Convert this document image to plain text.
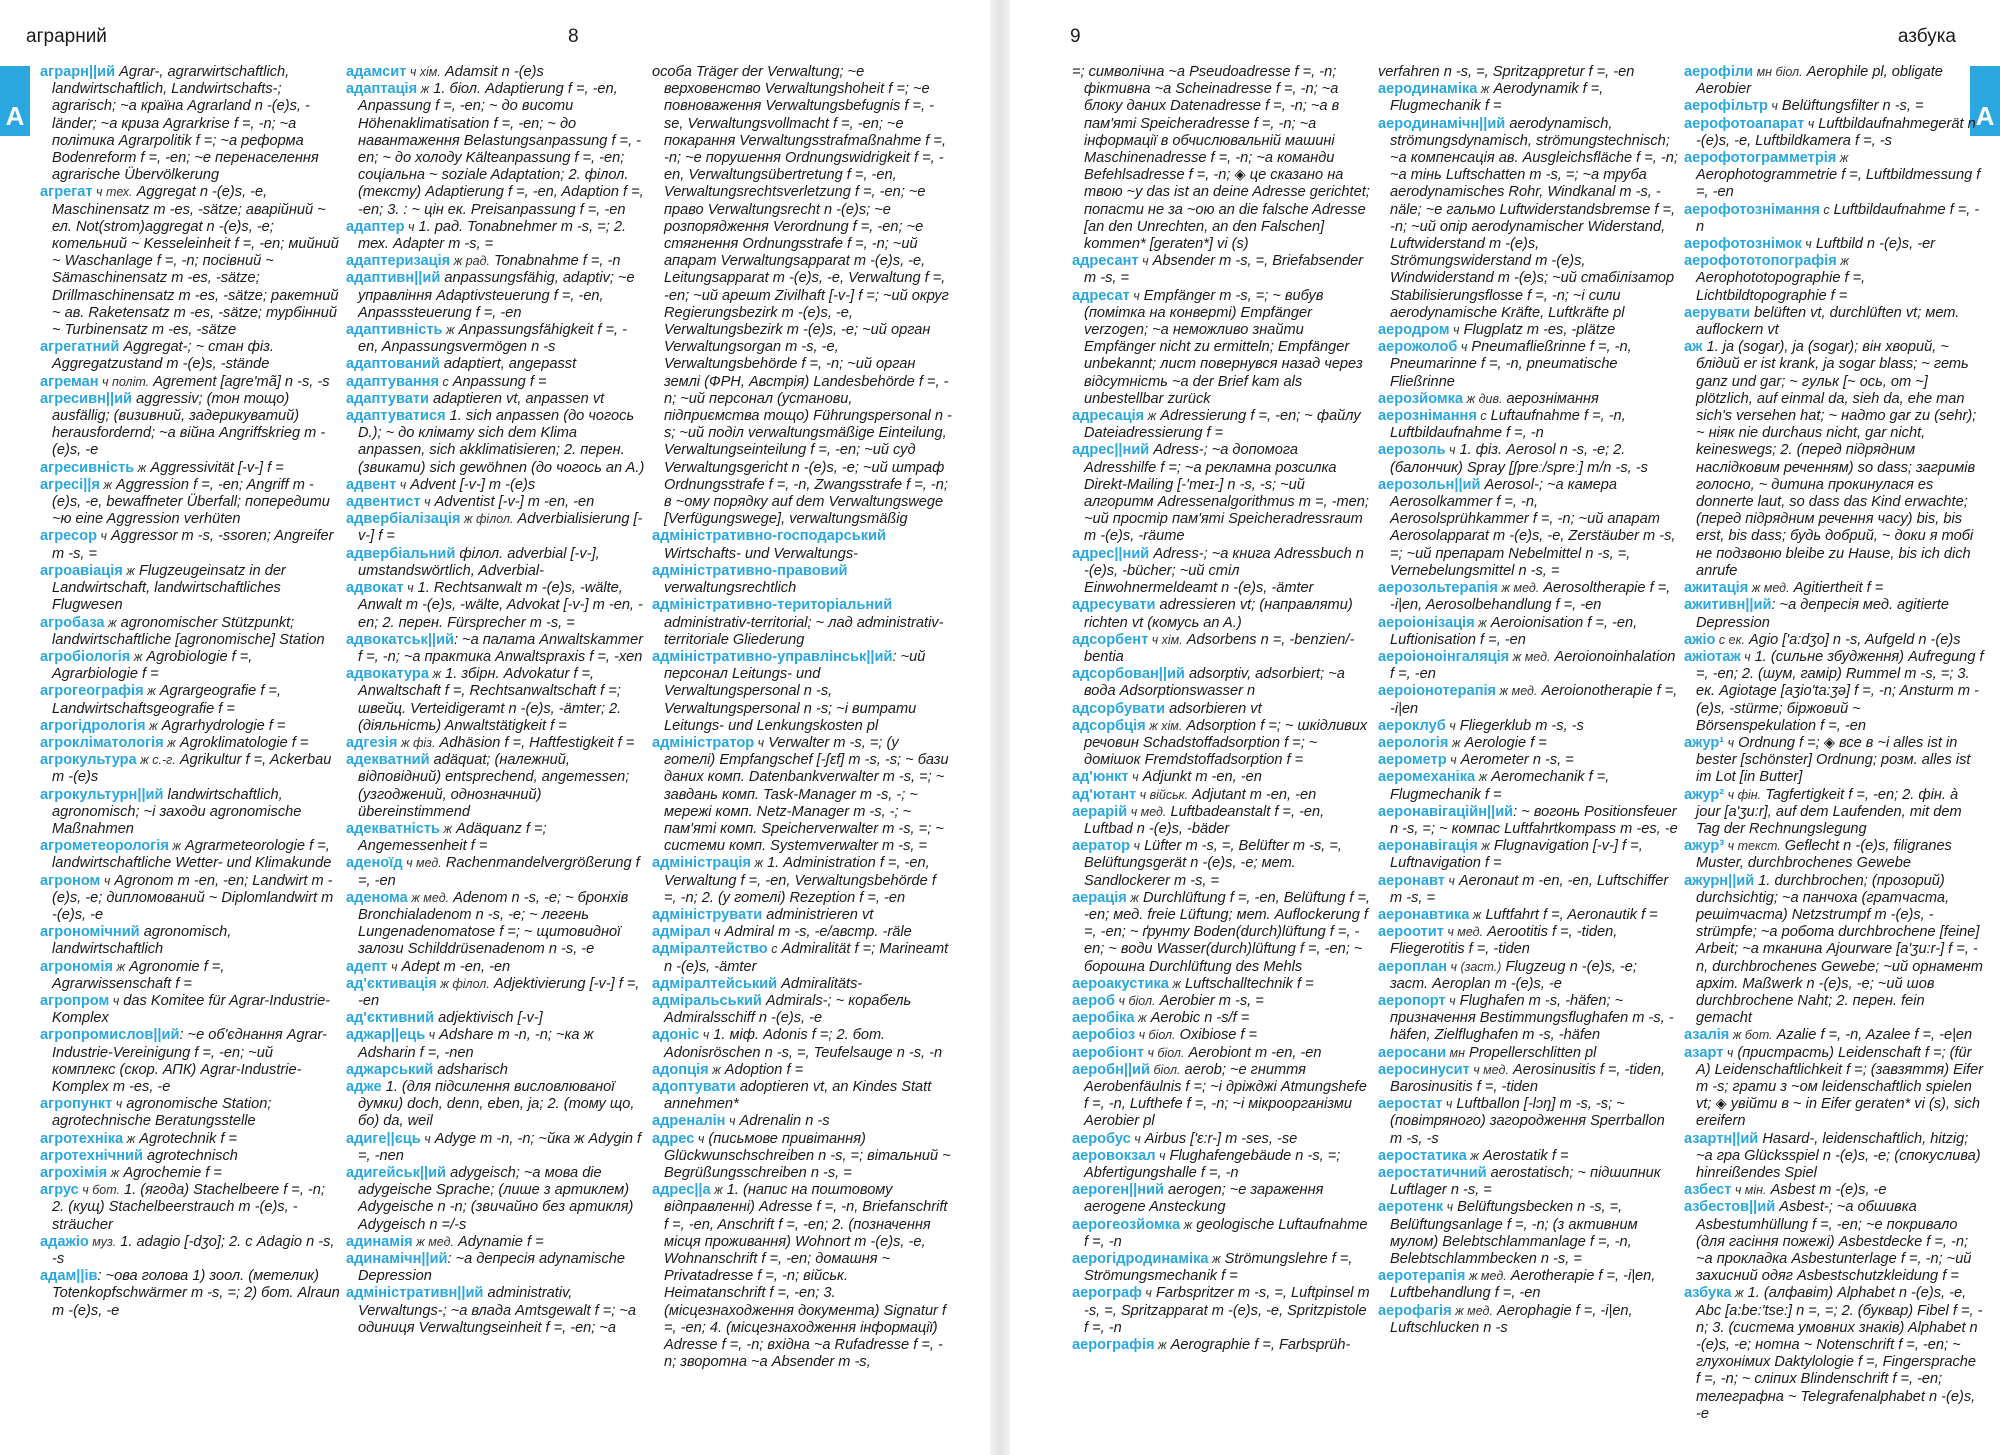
аграрний	8
A

аграрн||ий Agrar-, agrarwirtschaftlich, landwirtschaftlich, Landwirtschafts-; agrarisch; ~а країна Agrarland n -(e)s, -länder; ~а криза Agrarkrise f =, -n; ~а політика Agrarpolitik f =; ~а реформа Bodenreform f =, -en; ~е перенаселення agrarische Übervölkerung

агрегат ч тех. Aggregat n -(e)s, -e, Maschinensatz m -es, -sätze; аварійний ~ ел. Not(strom)aggregat n -(e)s, -e; котельний ~ Kesseleinheit f =, -en; мийний ~ Waschanlage f =, -n; посівний ~ Sämaschinensatz m -es, -sätze; Drillmaschinensatz m -es, -sätze; ракетний ~ ав. Raketensatz m -es, -sätze; турбінний ~ Turbinensatz m -es, -sätze

агрегатний Aggregat-; ~ стан фіз. Aggregatzustand m -(e)s, -stände

агреман ч політ. Agrement [agre'mã] n -s, -s

агресивн||ий aggressiv; (тон тощо) ausfällig; (визивний, задерикуватий) herausfordernd; ~а війна Angriffskrieg m -(e)s, -e

агресивність ж Aggressivität [-v-] f =

агресі||я ж Aggression f =, -en; Angriff m -(e)s, -e, bewaffneter Überfall; попередити ~ю eine Aggression verhüten

агресор ч Aggressor m -s, -ssoren; Angreifer m -s, =

агроавіація ж Flugzeugeinsatz in der Landwirtschaft, landwirtschaftliches Flugwesen

агробаза ж agronomischer Stützpunkt; landwirtschaftliche [agronomische] Station

агробіологія ж Agrobiologie f =, Agrarbiologie f =

агрогеографія ж Agrargeografie f =, Landwirtschaftsgeografie f =

агрогідрологія ж Agrarhydrologie f =

агрокліматологія ж Agroklimatologie f =

агрокультура ж с.-г. Agrikultur f =, Ackerbau m -(e)s

агрокультурн||ий landwirtschaftlich, agronomisch; ~і заходи agronomische Maßnahmen

агрометеорологія ж Agrarmeteorologie f =, landwirtschaftliche Wetter- und Klimakunde

агроном ч Agronom m -en, -en; Landwirt m -(e)s, -e; дипломований ~ Diplomlandwirt m -(e)s, -e

агрономічний agronomisch, landwirtschaftlich

агрономія ж Agronomie f =, Agrarwissenschaft f =

агропром ч das Komitee für Agrar-Industrie-Komplex

агропромислов||ий: ~е об'єднання Agrar-Industrie-Vereinigung f =, -en; ~ий комплекс (скор. АПК) Agrar-Industrie-Komplex т -es, -e

агропункт ч agronomische Station; agrotechnische Beratungsstelle

агротехніка ж Agrotechnik f =

агротехнічний agrotechnisch

агрохімія ж Agrochemie f =

агрус ч бот. 1. (ягода) Stachelbeere f =, -n; 2. (кущ) Stachelbeerstrauch m -(e)s, -sträucher

адажіо муз. 1. adagio [-dʒo]; 2. с Adagio n -s, -s

адам||ів: ~ова голова 1) зоол. (метелик) Totenkopfschwärmer m -s, =; 2) бот. Alraun m -(e)s, -e

адамсит ч хім. Adamsit n -(e)s

адаптація ж 1. біол. Adaptierung f =, -en, Anpassung f =, -en; ~ до висоти Höhenaklimatisation f =, -en; ~ до навантаження Belastungsanpassung f =, -en; ~ до холоду Kälteanpassung f =, -en; соціальна ~ soziale Adaptation; 2. філол. (тексту) Adaptierung f =, -en, Adaption f =, -en; 3. : ~ цін ек. Preisanpassung f =, -en

адаптер ч 1. рад. Tonabnehmer m -s, =; 2. тех. Adapter m -s, =

адаптеризація ж рад. Tonabnahme f =, -n

адаптивн||ий anpassungsfähig, adaptiv; ~е управління Adaptivsteuerung f =, -en, Anpasssteuerung f =, -en

адаптивність ж Anpassungsfähigkeit f =, -en, Anpassungsvermögen n -s

адаптований adaptiert, angepasst

адаптування с Anpassung f =

адаптувати adaptieren vt, anpassen vt

адаптуватися 1. sich anpassen (до чогось D.); ~ до клімату sich dem Klima anpassen, sich akklimatisieren; 2. перен. (звикати) sich gewöhnen (до чогось an A.)

адвент ч Advent [-v-] m -(e)s

адвентист ч Adventist [-v-] m -en, -en

адвербіалізація ж філол. Adverbialisierung [-v-] f =

адвербіальний філол. adverbial [-v-], umstandswörtlich, Adverbial-

адвокат ч 1. Rechtsanwalt m -(e)s, -wälte, Anwalt m -(e)s, -wälte, Advokat [-v-] m -en, -en; 2. перен. Fürsprecher m -s, =

адвокатськ||ий: ~а палата Anwaltskammer f =, -n; ~а практика Anwaltspraxis f =, -xen

адвокатура ж 1. збірн. Advokatur f =, Anwaltschaft f =, Rechtsanwaltschaft f =; швейц. Verteidigeramt n -(e)s, -ämter; 2. (діяльність) Anwaltstätigkeit f =

адгезія ж фіз. Adhäsion f =, Haftfestigkeit f =

адекватний adäquat; (належний, відповідний) entsprechend, angemessen; (узгоджений, однозначний) übereinstimmend

адекватність ж Adäquanz f =; Angemessenheit f =

аденоїд ч мед. Rachenmandelvergrößerung f =, -en

аденома ж мед. Adenom n -s, -e; ~ бронхів Bronchialadenom n -s, -e; ~ легень Lungenadenomatose f =; ~ щитовидної залози Schilddrüsenadenom n -s, -e

адепт ч Adept m -en, -en

ад'єктивація ж філол. Adjektivierung [-v-] f =, -en

ад'єктивний adjektivisch [-v-]

аджар||ець ч Adshare m -n, -n; ~ка ж Adsharin f =, -nen

аджарський adsharisch

адже 1. (для підсилення висловлюваної думки) doch, denn, eben, ja; 2. (тому що, бо) da, weil

адиге||єць ч Adyge m -n, -n; ~йка ж Adygin f =, -nen

адигейськ||ий adygeisch; ~а мова die adygeische Sprache; (лише з артиклем) Adygeische n -n; (звичайно без артикля) Adygeisch n =/-s

адинамія ж мед. Adynamie f =

адинамічн||ий: ~а депресія adynamische Depression

адміністративн||ий administrativ, Verwaltungs-; ~а влада Amtsgewalt f =; ~а одиниця Verwaltungseinheit f =, -en; ~а

особа Träger der Verwaltung; ~е верховенство Verwaltungshoheit f =; ~е повноваження Verwaltungsbefugnis f =, -se, Verwaltungsvollmacht f =, -en; ~е покарання Verwaltungsstrafmaßnahme f =, -n; ~е порушення Ordnungswidrigkeit f =, -en, Verwaltungsübertretung f =, -en, Verwaltungsrechtsverletzung f =, -en; ~е право Verwaltungsrecht n -(e)s; ~е розпорядження Verordnung f =, -en; ~е стягнення Ordnungsstrafe f =, -n; ~ий апарат Verwaltungsapparat m -(e)s, -e, Leitungsapparat m -(e)s, -e, Verwaltung f =, -en; ~ий арешт Zivilhaft [-v-] f =; ~ий округ Regierungsbezirk m -(e)s, -e, Verwaltungsbezirk m -(e)s, -e; ~ий орган Verwaltungsorgan m -s, -e, Verwaltungsbehörde f =, -n; ~ий орган землі (ФРН, Австрія) Landesbehörde f =, -n; ~ий персонал (установи, підприємства тощо) Führungspersonal n -s; ~ий поділ verwaltungsmäßige Einteilung, Verwaltungseinteilung f =, -en; ~ий суд Verwaltungsgericht n -(e)s, -e; ~ий штраф Ordnungsstrafe f =, -n, Zwangsstrafe f =, -n; в ~ому порядку auf dem Verwaltungswege [Verfügungswege], verwaltungsmäßig

адміністративно-господарський Wirtschafts- und Verwaltungs-

адміністративно-правовий verwaltungsrechtlich

адміністративно-територіальний administrativ-territorial; ~ лад administrativ-territoriale Gliederung

адміністративно-управлінськ||ий: ~ий персонал Leitungs- und Verwaltungspersonal n -s, Verwaltungspersonal n -s; ~і витрати Leitungs- und Lenkungskosten pl

адміністратор ч Verwalter m -s, =; (у готелі) Empfangschef [-ʃɛf] m -s, -s; ~ бази даних комп. Datenbankverwalter m -s, =; ~ завдань комп. Task-Manager m -s, -; ~ мережі комп. Netz-Manager m -s, -; ~ пам'яті комп. Speicherverwalter m -s, =; ~ системи комп. Systemverwalter m -s, =

адміністрація ж 1. Administration f =, -en, Verwaltung f =, -en, Verwaltungsbehörde f =, -n; 2. (у готелі) Rezeption f =, -en

адмініструвати administrieren vt

адмірал ч Admiral m -s, -e/австр. -räle

адміралтейство с Admiralität f =; Marineamt n -(e)s, -ämter

адміралтейський Admiralitäts-

адміральський Admirals-; ~ корабель Admiralsschiff n -(e)s, -e

адоніс ч 1. міф. Adonis f =; 2. бот. Adonisröschen n -s, =, Teufelsauge n -s, -n

адопція ж Adoption f =

адоптувати adoptieren vt, an Kindes Statt annehmen*

адреналін ч Adrenalin n -s

адрес ч (письмове привітання) Glückwunschschreiben n -s, =; вітальний ~ Begrüßungsschreiben n -s, =

адрес||а ж 1. (напис на поштовому відправленні) Adresse f =, -n, Briefanschrift f =, -en, Anschrift f =, -en; 2. (позначення місця проживання) Wohnort m -(e)s, -e, Wohnanschrift f =, -en; домашня ~ Privatadresse f =, -n; військ. Heimatanschrift f =, -en; 3. (місцезнаходження документа) Signatur f =, -en; 4. (місцезнаходження інформації) Adresse f =, -n; вхідна ~а Rufadresse f =, -n; зворотна ~а Absender m -s,

9	азбука
A

=; символічна ~а Pseudoadresse f =, -n; фіктивна ~а Scheinadresse f =, -n; ~а блоку даних Datenadresse f =, -n; ~а в пам'яті Speicheradresse f =, -n; ~а інформації в обчислювальній машині Maschinenadresse f =, -n; ~а команди Befehlsadresse f =, -n; ◈ це сказано на твою ~у das ist an deine Adresse gerichtet; попасти не за ~ою an die falsche Adresse [an den Unrechten, an den Falschen] kommen* [geraten*] vi (s)

адресант ч Absender m -s, =, Briefabsender m -s, =

адресат ч Empfänger m -s, =; ~ вибув (помітка на конверті) Empfänger verzogen; ~а неможливо знайти Empfänger nicht zu ermitteln; Empfänger unbekannt; лист повернувся назад через відсутність ~а der Brief kam als unbestellbar zurück

адресація ж Adressierung f =, -en; ~ файлу Dateiadressierung f =

адрес||ний Adress-; ~а допомога Adresshilfe f =; ~а рекламна розсилка Direkt-Mailing [-'meɪ-] n -s, -s; ~ий алгоритм Adressenalgorithmus m =, -men; ~ий простір пам'яті Speicheradressraum m -(e)s, -räume

адрес||ний Adress-; ~а книга Adressbuch n -(e)s, -bücher; ~ий стіл Einwohnermeldeamt n -(e)s, -ämter

адресувати adressieren vt; (направляти) richten vt (комусь an A.)

адсорбент ч хім. Adsorbens n =, -benzien/-bentia

адсорбован||ий adsorptiv, adsorbiert; ~а вода Adsorptionswasser n

адсорбувати adsorbieren vt

адсорбція ж хім. Adsorption f =; ~ шкідливих речовин Schadstoffadsorption f =; ~ домішок Fremdstoffadsorption f =

ад'юнкт ч Adjunkt m -en, -en

ад'ютант ч військ. Adjutant m -en, -en

аерарій ч мед. Luftbadeanstalt f =, -en, Luftbad n -(e)s, -bäder

аератор ч Lüfter m -s, =, Belüfter m -s, =, Belüftungsgerät n -(e)s, -e; мет. Sandlockerer m -s, =

аерація ж Durchlüftung f =, -en, Belüftung f =, -en; мед. freie Lüftung; мет. Auflockerung f =, -en; ~ ґрунту Boden(durch)lüftung f =, -en; ~ води Wasser(durch)lüftung f =, -en; ~ борошна Durchlüftung des Mehls

аероакустика ж Luftschalltechnik f =

аероб ч біол. Aerobier m -s, =

аеробіка ж Aerobic n -s/f =

аеробіоз ч біол. Oxibiose f =

аеробіонт ч біол. Aerobiont m -en, -en

аеробн||ий біол. aerob; ~е гниття Aerobenfäulnis f =; ~і дріжджі Atmungshefe f =, -n, Lufthefe f =, -n; ~і мікроорганізми Aerobier pl

аеробус ч Airbus ['ɛ:r-] m -ses, -se

аеровокзал ч Flughafengebäude n -s, =; Abfertigungshalle f =, -n

аероген||ний aerogen; ~е зараження aerogene Ansteckung

аерогеозйомка ж geologische Luftaufnahme f =, -n

аерогідродинаміка ж Strömungslehre f =, Strömungsmechanik f =

аерограф ч Farbspritzer m -s, =, Luftpinsel m -s, =, Spritzapparat m -(e)s, -e, Spritzpistole f =, -n

аерографія ж Aerographie f =, Farbsprüh-

verfahren n -s, =, Spritzappretur f =, -en

аеродинаміка ж Aerodynamik f =, Flugmechanik f =

аеродинамічн||ий aerodynamisch, strömungsdynamisch, strömungstechnisch; ~а компенсація ав. Ausgleichsfläche f =, -n; ~а тінь Luftschatten m -s, =; ~а труба aerodynamisches Rohr, Windkanal m -s, -näle; ~е гальмо Luftwiderstandsbremse f =, -n; ~ий опір aerodynamischer Widerstand, Luftwiderstand m -(e)s, Strömungswiderstand m -(e)s, Windwiderstand m -(e)s; ~ий стабілізатор Stabilisierungsflosse f =, -n; ~і сили aerodynamische Kräfte, Luftkräfte pl

аеродром ч Flugplatz m -es, -plätze

аерожолоб ч Pneumafließrinne f =, -n, Pneumarinne f =, -n, pneumatische Fließrinne

аерозйомка ж див. аерознімання

аерознімання с Luftaufnahme f =, -n, Luftbildaufnahme f =, -n

аерозоль ч 1. фіз. Aerosol n -s, -e; 2. (балончик) Spray [ʃpreː/spreː] m/n -s, -s

аерозольн||ий Aerosol-; ~а камера Aerosolkammer f =, -n, Aerosolsprühkammer f =, -n; ~ий апарат Aerosolapparat m -(e)s, -e, Zerstäuber m -s, =; ~ий препарат Nebelmittel n -s, =, Vernebelungsmittel n -s, =

аерозольтерапія ж мед. Aerosoltherapie f =, -i|en, Aerosolbehandlung f =, -en

аероіонізація ж Aeroionisation f =, -en, Luftionisation f =, -en

аероіоноінгаляція ж мед. Aeroionoinhalation f =, -en

аероіонотерапія ж мед. Aeroionotherapie f =, -i|en

аероклуб ч Fliegerklub m -s, -s

аерологія ж Aerologie f =

аерометр ч Aerometer n -s, =

аеромеханіка ж Aeromechanik f =, Flugmechanik f =

аеронавігаційн||ий: ~ вогонь Positionsfeuer n -s, =; ~ компас Luftfahrtkompass m -es, -e

аеронавігація ж Flugnavigation [-v-] f =, Luftnavigation f =

аеронавт ч Aeronaut m -en, -en, Luftschiffer m -s, =

аеронавтика ж Luftfahrt f =, Aeronautik f =

аероотит ч мед. Aerootitis f =, -tiden, Fliegerotitis f =, -tiden

аероплан ч (заст.) Flugzeug n -(e)s, -e; заст. Aeroplan m -(e)s, -e

аеропорт ч Flughafen m -s, -häfen; ~ призначення Bestimmungsflughafen m -s, -häfen, Zielflughafen m -s, -häfen

аеросани мн Propellerschlitten pl

аеросинусит ч мед. Aerosinusitis f =, -tiden, Barosinusitis f =, -tiden

аеростат ч Luftballon [-lɔŋ] m -s, -s; ~ (повітряного) загородження Sperrballon m -s, -s

аеростатика ж Aerostatik f =

аеростатичний aerostatisch; ~ підшипник Luftlager n -s, =

аеротенк ч Belüftungsbecken n -s, =, Belüftungsanlage f =, -n; (з активним мулом) Belebtschlammanlage f =, -n, Belebtschlammbecken n -s, =

аеротерапія ж мед. Aerotherapie f =, -i|en, Luftbehandlung f =, -en

аерофагія ж мед. Aerophagie f =, -i|en, Luftschlucken n -s

аерофіли мн біол. Aerophile pl, obligate Aerobier

аерофільтр ч Belüftungsfilter n -s, =

аерофотоапарат ч Luftbildaufnahmegerät n -(e)s, -e, Luftbildkamera f =, -s

аерофотограмметрія ж Aerophotogrammetrie f =, Luftbildmessung f =, -en

аерофотознімання с Luftbildaufnahme f =, -n

аерофотознімок ч Luftbild n -(e)s, -er

аерофототопографія ж Aerophototopographie f =, Lichtbildtopographie f =

аерувати belüften vt, durchlüften vt; мет. auflockern vt

аж 1. ja (sogar), ja (sogar); він хворий, ~ блідий er ist krank, ja sogar blass; ~ геть ganz und gar; ~ гульк [~ ось, от ~] plötzlich, auf einmal da, sieh da, ehe man sich's versehen hat; ~ надто gar zu (sehr); ~ ніяк nie durchaus nicht, gar nicht, keineswegs; 2. (перед підрядним наслідковим реченням) so dass; загримів голосно, ~ дитина прокинулася es donnerte laut, so dass das Kind erwachte; (перед підрядним речення часу) bis, bis erst, bis dass; будь добрий, ~ доки я тобі не подзвоню bleibe zu Hause, bis ich dich anrufe

ажитація ж мед. Agitiertheit f =

ажитивн||ий: ~а депресія мед. agitierte Depression

ажіо с ек. Agio ['a:dʒo] n -s, Aufgeld n -(e)s

ажіотаж ч 1. (сильне збудження) Aufregung f =, -en; 2. (шум, гамір) Rummel m -s, =; 3. ек. Agiotage [aʒio'ta:ʒə] f =, -n; Ansturm m -(e)s, -stürme; біржовий ~ Börsenspekulation f =, -en

ажур¹ ч Ordnung f =; ◈ все в ~і alles ist in bester [schönster] Ordnung; розм. alles ist im Lot [in Butter]

ажур² ч фін. Tagfertigkeit f =, -en; 2. фін. à jour [a'ʒu:r], auf dem Laufenden, mit dem Tag der Rechnungslegung

ажур³ ч текст. Geflecht n -(e)s, filigranes Muster, durchbrochenes Gewebe

ажурн||ий 1. durchbrochen; (прозорий) durchsichtig; ~а панчоха (гратчаста, решітчаста) Netzstrumpf m -(e)s, -strümpfe; ~а робота durchbrochene [feine] Arbeit; ~а тканина Ajourware [a'ʒu:r-] f =, -n, durchbrochenes Gewebe; ~ий орнамент архіт. Maßwerk n -(e)s, -e; ~ий шов durchbrochene Naht; 2. перен. fein gemacht

азалія ж бот. Azalie f =, -n, Azalee f =, -e|en

азарт ч (пристрасть) Leidenschaft f =; (für A) Leidenschaftlichkeit f =; (завзяття) Eifer m -s; грати з ~ом leidenschaftlich spielen vt; ◈ увійти в ~ in Eifer geraten* vi (s), sich ereifern

азартн||ий Hasard-, leidenschaftlich, hitzig; ~а гра Glücksspiel n -(e)s, -e; (спокуслива) hinreißendes Spiel

азбест ч мін. Asbest m -(e)s, -e

азбестов||ий Asbest-; ~а обшивка Asbestumhüllung f =, -en; ~е покривало (для гасіння пожежі) Asbestdecke f =, -n; ~а прокладка Asbestunterlage f =, -n; ~ий захисний одяг Asbestschutzkleidung f =

азбука ж 1. (алфавіт) Alphabet n -(e)s, -e, Abc [a:be:'tse:] n =, =; 2. (буквар) Fibel f =, -n; 3. (система умовних знаків) Alphabet n -(e)s, -e; нотна ~ Notenschrift f =, -en; ~ глухонімих Daktylologie f =, Fingersprache f =, -n; ~ сліпих Blindenschrift f =, -en; телеграфна ~ Telegrafenalphabet n -(e)s, -e
